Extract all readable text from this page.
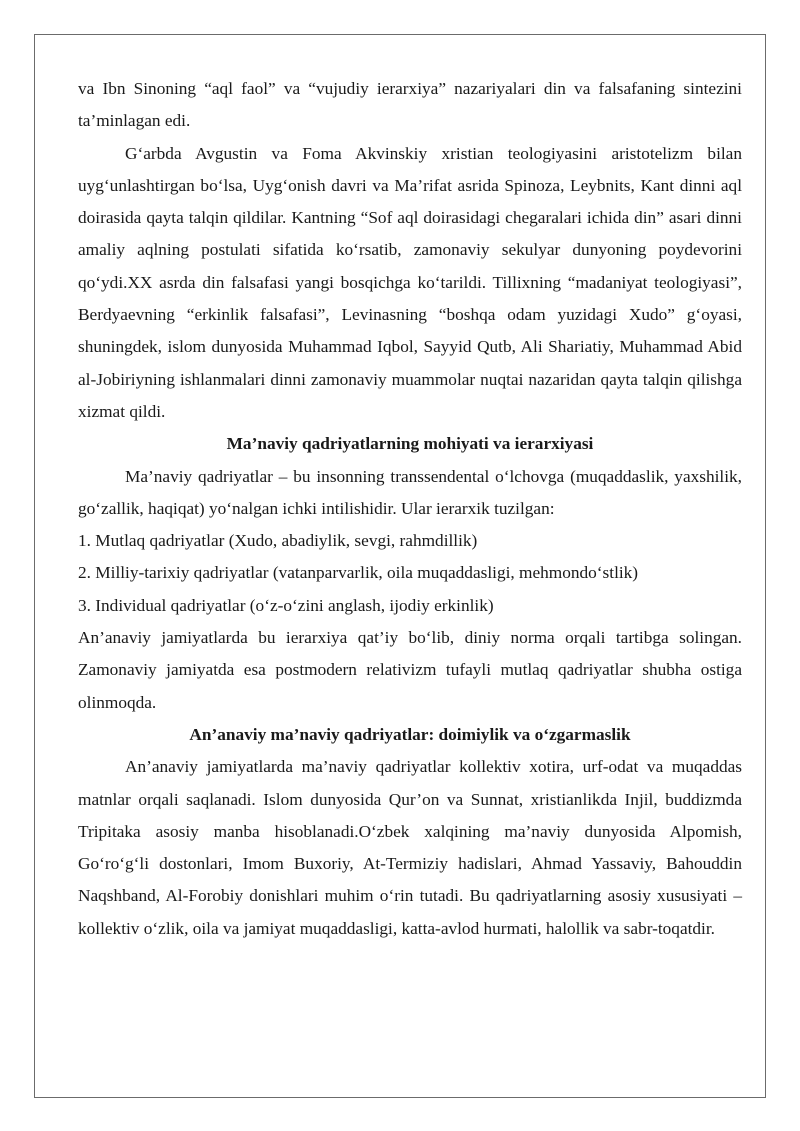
va Ibn Sinoning “aql faol” va “vujudiy ierarxiya” nazariyalari din va falsafaning sintezini ta’minlagan edi.

G‘arbda Avgustin va Foma Akvinskiy xristian teologiyasini aristotelizm bilan uyg‘unlashtirgan bo‘lsa, Uyg‘onish davri va Ma’rifat asrida Spinoza, Leybnits, Kant dinni aql doirasida qayta talqin qildilar. Kantning “Sof aql doirasidagi chegaralari ichida din” asari dinni amaliy aqlning postulati sifatida ko‘rsatib, zamonaviy sekulyar dunyoning poydevorini qo‘ydi.XX asrda din falsafasi yangi bosqichga ko‘tarildi. Tillixning “madaniyat teologiyasi”, Berdyaevning “erkinlik falsafasi”, Levinasning “boshqa odam yuzidagi Xudo” g‘oyasi, shuningdek, islom dunyosida Muhammad Iqbol, Sayyid Qutb, Ali Shariatiy, Muhammad Abid al-Jobiriyning ishlanmalari dinni zamonaviy muammolar nuqtai nazaridan qayta talqin qilishga xizmat qildi.

Ma’naviy qadriyatlarning mohiyati va ierarxiyasi

Ma’naviy qadriyatlar – bu insonning transsendental o‘lchovga (muqaddaslik, yaxshilik, go‘zallik, haqiqat) yo‘nalgan ichki intilishidir. Ular ierarxik tuzilgan:

1. Mutlaq qadriyatlar (Xudo, abadiylik, sevgi, rahmdillik)

2. Milliy-tarixiy qadriyatlar (vatanparvarlik, oila muqaddasligi, mehmondo‘stlik)

3. Individual qadriyatlar (o‘z-o‘zini anglash, ijodiy erkinlik)

An’anaviy jamiyatlarda bu ierarxiya qat’iy bo‘lib, diniy norma orqali tartibga solingan. Zamonaviy jamiyatda esa postmodern relativizm tufayli mutlaq qadriyatlar shubha ostiga olinmoqda.

An’anaviy ma’naviy qadriyatlar: doimiylik va o‘zgarmaslik

An’anaviy jamiyatlarda ma’naviy qadriyatlar kollektiv xotira, urf-odat va muqaddas matnlar orqali saqlanadi. Islom dunyosida Qur’on va Sunnat, xristianlikda Injil, buddizmda Tripitaka asosiy manba hisoblanadi.O‘zbek xalqining ma’naviy dunyosida Alpomish, Go‘ro‘g‘li dostonlari, Imom Buxoriy, At-Termiziy hadislari, Ahmad Yassaviy, Bahouddin Naqshband, Al-Forobiy donishlari muhim o‘rin tutadi. Bu qadriyatlarning asosiy xususiyati – kollektiv o‘zlik, oila va jamiyat muqaddasligi, katta-avlod hurmati, halollik va sabr-toqatdir.
